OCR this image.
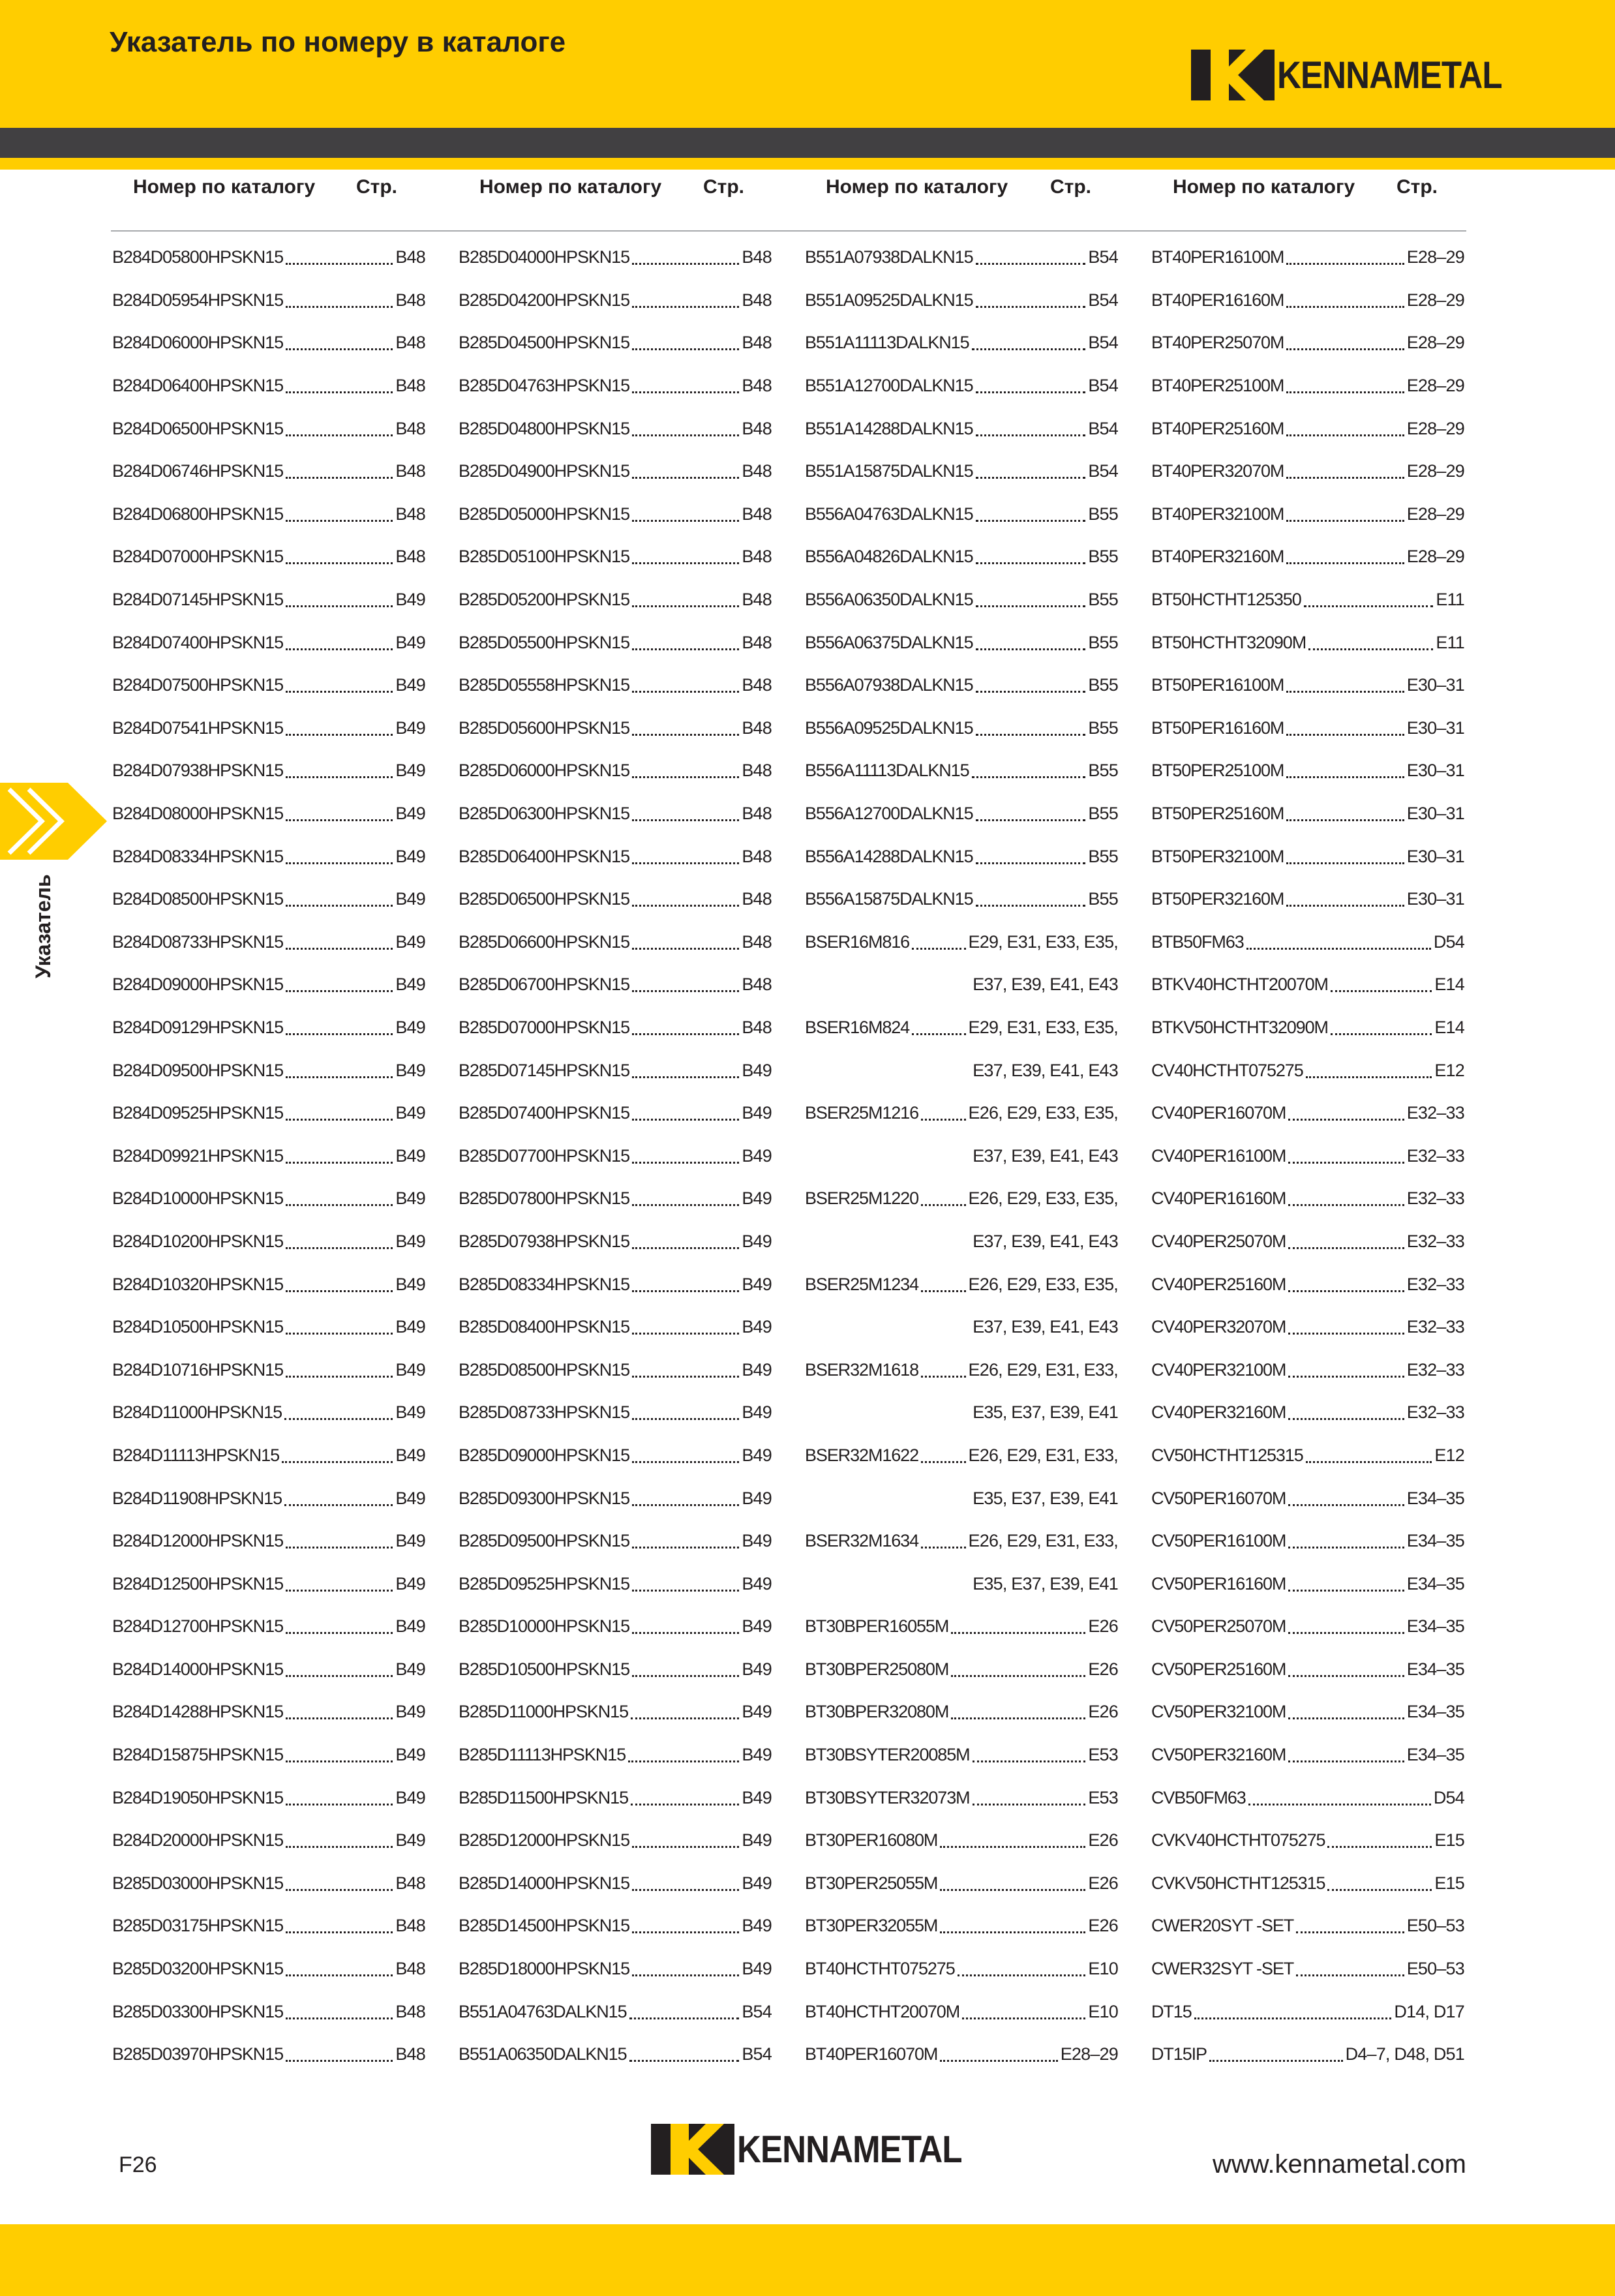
Указатель по номеру в каталоге
KENNAMETAL
Номер по каталогу Стр.	Номер по каталогу Стр.	Номер по каталогу Стр.	Номер по каталогу Стр.
B284D05800HPSKN15	B48
B284D05954HPSKN15	B48
B284D06000HPSKN15	B48
B284D06400HPSKN15	B48
B284D06500HPSKN15	B48
B284D06746HPSKN15	B48
B284D06800HPSKN15	B48
B284D07000HPSKN15	B48
B284D07145HPSKN15	B49
B284D07400HPSKN15	B49
B284D07500HPSKN15	B49
B284D07541HPSKN15	B49
B284D07938HPSKN15	B49
B284D08000HPSKN15	B49
B284D08334HPSKN15	B49
B284D08500HPSKN15	B49
B284D08733HPSKN15	B49
B284D09000HPSKN15	B49
B284D09129HPSKN15	B49
B284D09500HPSKN15	B49
B284D09525HPSKN15	B49
B284D09921HPSKN15	B49
B284D10000HPSKN15	B49
B284D10200HPSKN15	B49
B284D10320HPSKN15	B49
B284D10500HPSKN15	B49
B284D10716HPSKN15	B49
B284D11000HPSKN15	B49
B284D11113HPSKN15	B49
B284D11908HPSKN15	B49
B284D12000HPSKN15	B49
B284D12500HPSKN15	B49
B284D12700HPSKN15	B49
B284D14000HPSKN15	B49
B284D14288HPSKN15	B49
B284D15875HPSKN15	B49
B284D19050HPSKN15	B49
B284D20000HPSKN15	B49
B285D03000HPSKN15	B48
B285D03175HPSKN15	B48
B285D03200HPSKN15	B48
B285D03300HPSKN15	B48
B285D03970HPSKN15	B48
B285D04000HPSKN15	B48
B285D04200HPSKN15	B48
B285D04500HPSKN15	B48
B285D04763HPSKN15	B48
B285D04800HPSKN15	B48
B285D04900HPSKN15	B48
B285D05000HPSKN15	B48
B285D05100HPSKN15	B48
B285D05200HPSKN15	B48
B285D05500HPSKN15	B48
B285D05558HPSKN15	B48
B285D05600HPSKN15	B48
B285D06000HPSKN15	B48
B285D06300HPSKN15	B48
B285D06400HPSKN15	B48
B285D06500HPSKN15	B48
B285D06600HPSKN15	B48
B285D06700HPSKN15	B48
B285D07000HPSKN15	B48
B285D07145HPSKN15	B49
B285D07400HPSKN15	B49
B285D07700HPSKN15	B49
B285D07800HPSKN15	B49
B285D07938HPSKN15	B49
B285D08334HPSKN15	B49
B285D08400HPSKN15	B49
B285D08500HPSKN15	B49
B285D08733HPSKN15	B49
B285D09000HPSKN15	B49
B285D09300HPSKN15	B49
B285D09500HPSKN15	B49
B285D09525HPSKN15	B49
B285D10000HPSKN15	B49
B285D10500HPSKN15	B49
B285D11000HPSKN15	B49
B285D11113HPSKN15	B49
B285D11500HPSKN15	B49
B285D12000HPSKN15	B49
B285D14000HPSKN15	B49
B285D14500HPSKN15	B49
B285D18000HPSKN15	B49
B551A04763DALKN15	B54
B551A06350DALKN15	B54
B551A07938DALKN15	B54
B551A09525DALKN15	B54
B551A11113DALKN15	B54
B551A12700DALKN15	B54
B551A14288DALKN15	B54
B551A15875DALKN15	B54
B556A04763DALKN15	B55
B556A04826DALKN15	B55
B556A06350DALKN15	B55
B556A06375DALKN15	B55
B556A07938DALKN15	B55
B556A09525DALKN15	B55
B556A11113DALKN15	B55
B556A12700DALKN15	B55
B556A14288DALKN15	B55
B556A15875DALKN15	B55
BSER16M816	E29, E31, E33, E35,
E37, E39, E41, E43
BSER16M824	E29, E31, E33, E35,
E37, E39, E41, E43
BSER25M1216	E26, E29, E33, E35,
E37, E39, E41, E43
BSER25M1220	E26, E29, E33, E35,
E37, E39, E41, E43
BSER25M1234	E26, E29, E33, E35,
E37, E39, E41, E43
BSER32M1618	E26, E29, E31, E33,
E35, E37, E39, E41
BSER32M1622	E26, E29, E31, E33,
E35, E37, E39, E41
BSER32M1634	E26, E29, E31, E33,
E35, E37, E39, E41
BT30BPER16055M	E26
BT30BPER25080M	E26
BT30BPER32080M	E26
BT30BSYTER20085M	E53
BT30BSYTER32073M	E53
BT30PER16080M	E26
BT30PER25055M	E26
BT30PER32055M	E26
BT40HCTHT075275	E10
BT40HCTHT20070M	E10
BT40PER16070M	E28–29
BT40PER16100M	E28–29
BT40PER16160M	E28–29
BT40PER25070M	E28–29
BT40PER25100M	E28–29
BT40PER25160M	E28–29
BT40PER32070M	E28–29
BT40PER32100M	E28–29
BT40PER32160M	E28–29
BT50HCTHT125350	E11
BT50HCTHT32090M	E11
BT50PER16100M	E30–31
BT50PER16160M	E30–31
BT50PER25100M	E30–31
BT50PER25160M	E30–31
BT50PER32100M	E30–31
BT50PER32160M	E30–31
BTB50FM63	D54
BTKV40HCTHT20070M	E14
BTKV50HCTHT32090M	E14
CV40HCTHT075275	E12
CV40PER16070M	E32–33
CV40PER16100M	E32–33
CV40PER16160M	E32–33
CV40PER25070M	E32–33
CV40PER25160M	E32–33
CV40PER32070M	E32–33
CV40PER32100M	E32–33
CV40PER32160M	E32–33
CV50HCTHT125315	E12
CV50PER16070M	E34–35
CV50PER16100M	E34–35
CV50PER16160M	E34–35
CV50PER25070M	E34–35
CV50PER25160M	E34–35
CV50PER32100M	E34–35
CV50PER32160M	E34–35
CVB50FM63	D54
CVKV40HCTHT075275	E15
CVKV50HCTHT125315	E15
CWER20SYT -SET	E50–53
CWER32SYT -SET	E50–53
DT15	D14, D17
DT15IP	D4–7, D48, D51
Указатель
F26	KENNAMETAL	www.kennametal.com
